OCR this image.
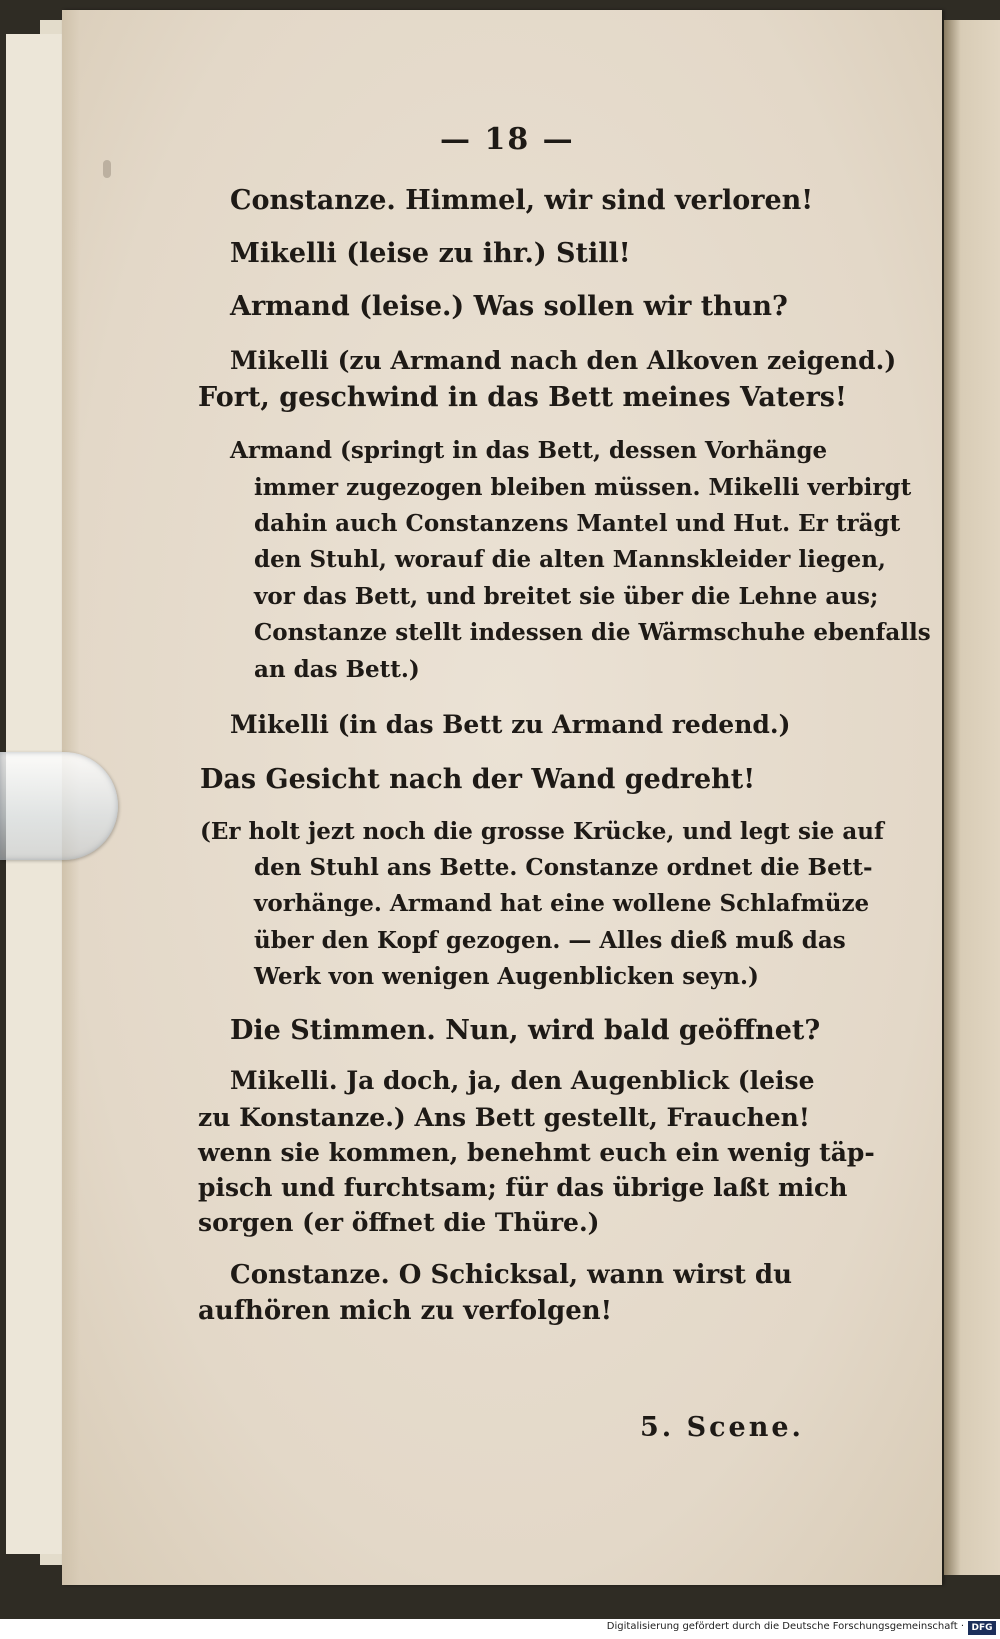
— 18 —
Constanze. Himmel, wir sind verloren!
Mikelli (leise zu ihr.) Still!
Armand (leise.) Was sollen wir thun?
Mikelli (zu Armand nach den Alkoven zeigend.)
Fort, geschwind in das Bett meines Vaters!
Armand (springt in das Bett, dessen Vorhänge
immer zugezogen bleiben müssen. Mikelli verbirgt
dahin auch Constanzens Mantel und Hut. Er trägt
den Stuhl, worauf die alten Mannskleider liegen,
vor das Bett, und breitet sie über die Lehne aus;
Constanze stellt indessen die Wärmschuhe ebenfalls
an das Bett.)
Mikelli (in das Bett zu Armand redend.)
Das Gesicht nach der Wand gedreht!
(Er holt jezt noch die grosse Krücke, und legt sie auf
den Stuhl ans Bette. Constanze ordnet die Bett-
vorhänge. Armand hat eine wollene Schlafmüze
über den Kopf gezogen. — Alles dieß muß das
Werk von wenigen Augenblicken seyn.)
Die Stimmen. Nun, wird bald geöffnet?
Mikelli. Ja doch, ja, den Augenblick (leise
zu Konstanze.) Ans Bett gestellt, Frauchen!
wenn sie kommen, benehmt euch ein wenig täp-
pisch und furchtsam; für das übrige laßt mich
sorgen (er öffnet die Thüre.)
Constanze. O Schicksal, wann wirst du
aufhören mich zu verfolgen!
5. Scene.
Digitalisierung gefördert durch die Deutsche Forschungsgemeinschaft · DFG
